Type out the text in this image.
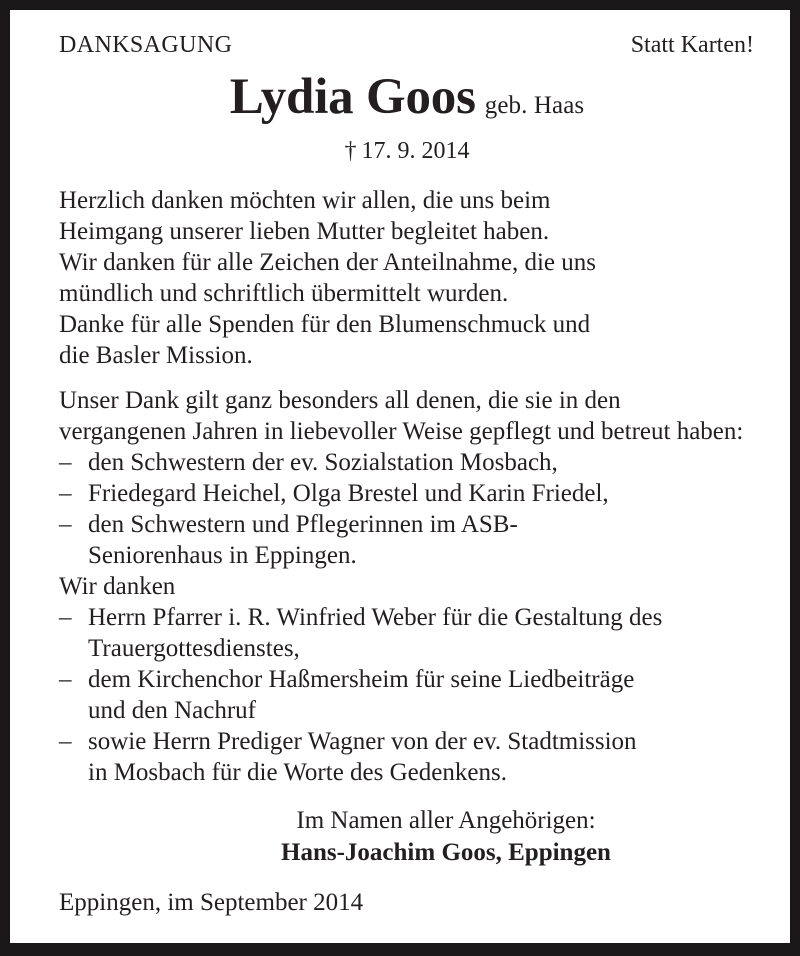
DANKSAGUNG	Statt Karten!
Lydia Goos geb. Haas
† 17. 9. 2014

Herzlich danken möchten wir allen, die uns beim Heimgang unserer lieben Mutter begleitet haben. Wir danken für alle Zeichen der Anteilnahme, die uns mündlich und schriftlich übermittelt wurden. Danke für alle Spenden für den Blumenschmuck und die Basler Mission.

Unser Dank gilt ganz besonders all denen, die sie in den vergangenen Jahren in liebevoller Weise gepflegt und betreut haben:

– den Schwestern der ev. Sozialstation Mosbach,
– Friedegard Heichel, Olga Brestel und Karin Friedel,
– den Schwestern und Pflegerinnen im ASB-
Seniorenhaus in Eppingen.

Wir danken

– Herrn Pfarrer i. R. Winfried Weber für die Gestaltung des
Trauergottesdienstes,
– dem Kirchenchor Haßmersheim für seine Liedbeiträge
und den Nachruf
– sowie Herrn Prediger Wagner von der ev. Stadtmission
in Mosbach für die Worte des Gedenkens.
Im Namen aller Angehörigen:
Hans-Joachim Goos, Eppingen
Eppingen, im September 2014
